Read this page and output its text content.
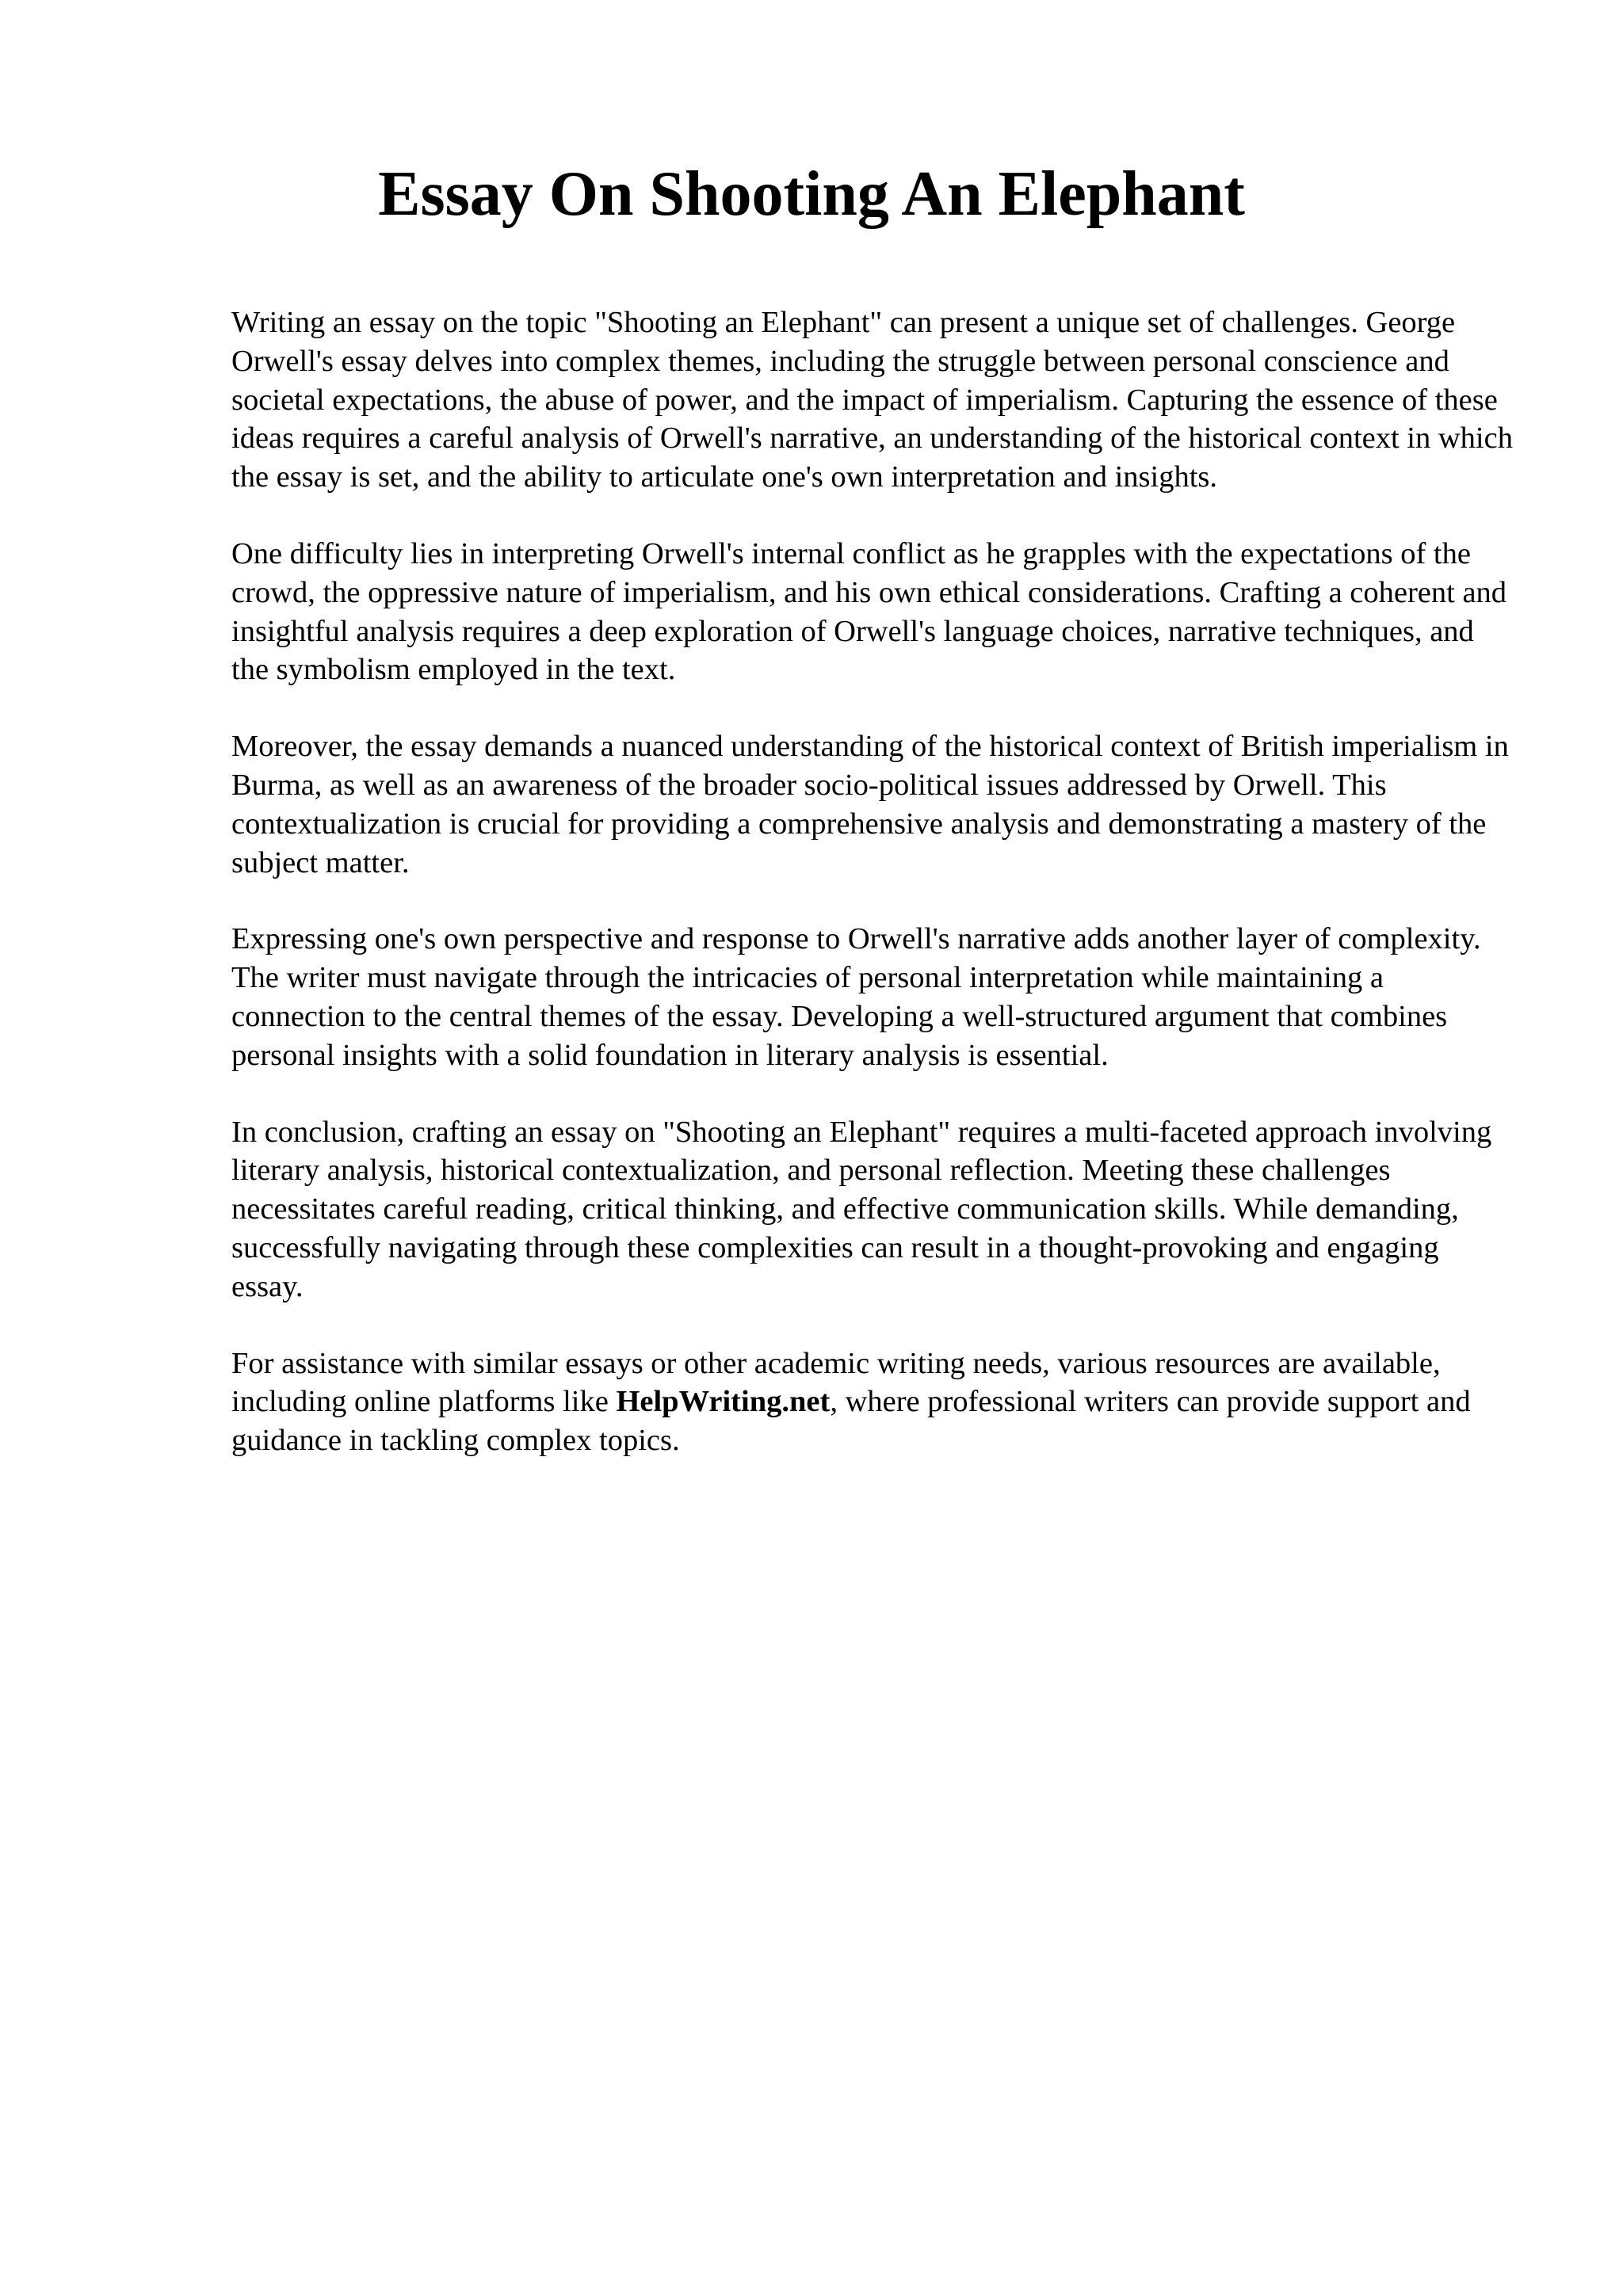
Essay On Shooting An Elephant

Writing an essay on the topic "Shooting an Elephant" can present a unique set of challenges. George Orwell's essay delves into complex themes, including the struggle between personal conscience and societal expectations, the abuse of power, and the impact of imperialism. Capturing the essence of these ideas requires a careful analysis of Orwell's narrative, an understanding of the historical context in which the essay is set, and the ability to articulate one's own interpretation and insights.

One difficulty lies in interpreting Orwell's internal conflict as he grapples with the expectations of the crowd, the oppressive nature of imperialism, and his own ethical considerations. Crafting a coherent and insightful analysis requires a deep exploration of Orwell's language choices, narrative techniques, and the symbolism employed in the text.

Moreover, the essay demands a nuanced understanding of the historical context of British imperialism in Burma, as well as an awareness of the broader socio-political issues addressed by Orwell. This contextualization is crucial for providing a comprehensive analysis and demonstrating a mastery of the subject matter.

Expressing one's own perspective and response to Orwell's narrative adds another layer of complexity. The writer must navigate through the intricacies of personal interpretation while maintaining a connection to the central themes of the essay. Developing a well-structured argument that combines personal insights with a solid foundation in literary analysis is essential.

In conclusion, crafting an essay on "Shooting an Elephant" requires a multi-faceted approach involving literary analysis, historical contextualization, and personal reflection. Meeting these challenges necessitates careful reading, critical thinking, and effective communication skills. While demanding, successfully navigating through these complexities can result in a thought-provoking and engaging essay.

For assistance with similar essays or other academic writing needs, various resources are available, including online platforms like HelpWriting.net, where professional writers can provide support and guidance in tackling complex topics.
